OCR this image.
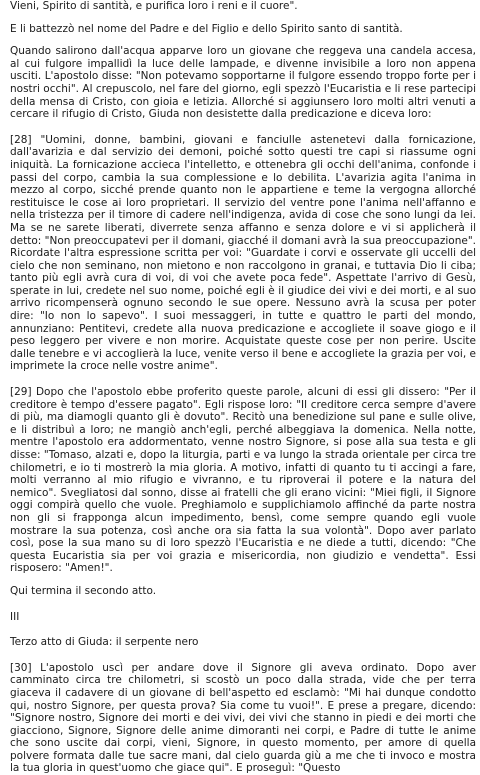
Vieni, Spirito di santità, e purifica loro i reni e il cuore".

E li battezzò nel nome del Padre e del Figlio e dello Spirito santo di santità.

Quando salirono dall'acqua apparve loro un giovane che reggeva una candela accesa, al cui fulgore impallidì la luce delle lampade, e divenne invisibile a loro non appena usciti. L'apostolo disse: "Non potevamo sopportarne il fulgore essendo troppo forte per i nostri occhi". Al crepuscolo, nel fare del giorno, egli spezzò l'Eucaristia e li rese partecipi della mensa di Cristo, con gioia e letizia. Allorché si aggiunsero loro molti altri venuti a cercare il rifugio di Cristo, Giuda non desistette dalla predicazione e diceva loro:

[28] "Uomini, donne, bambini, giovani e fanciulle astenetevi dalla fornicazione, dall'avarizia e dal servizio dei demoni, poiché sotto questi tre capi si riassume ogni iniquità. La fornicazione accieca l'intelletto, e ottenebra gli occhi dell'anima, confonde i passi del corpo, cambia la sua complessione e lo debilita. L'avarizia agita l'anima in mezzo al corpo, sicché prende quanto non le appartiene e teme la vergogna allorché restituisce le cose ai loro proprietari. Il servizio del ventre pone l'anima nell'affanno e nella tristezza per il timore di cadere nell'indigenza, avida di cose che sono lungi da lei. Ma se ne sarete liberati, diverrete senza affanno e senza dolore e vi si applicherà il detto: "Non preoccupatevi per il domani, giacché il domani avrà la sua preoccupazione". Ricordate l'altra espressione scritta per voi: "Guardate i corvi e osservate gli uccelli del cielo che non seminano, non mietono e non raccolgono in granai, e tuttavia Dio li ciba; tanto più egli avrà cura di voi, di voi che avete poca fede". Aspettate l'arrivo di Gesù, sperate in lui, credete nel suo nome, poiché egli è il giudice dei vivi e dei morti, e al suo arrivo ricompenserà ognuno secondo le sue opere. Nessuno avrà la scusa per poter dire: "Io non lo sapevo". I suoi messaggeri, in tutte e quattro le parti del mondo, annunziano: Pentitevi, credete alla nuova predicazione e accogliete il soave giogo e il peso leggero per vivere e non morire. Acquistate queste cose per non perire. Uscite dalle tenebre e vi accoglierà la luce, venite verso il bene e accogliete la grazia per voi, e imprimete la croce nelle vostre anime".

[29] Dopo che l'apostolo ebbe proferito queste parole, alcuni di essi gli dissero: "Per il creditore è tempo d'essere pagato". Egli rispose loro: "Il creditore cerca sempre d'avere di più, ma diamogli quanto gli è dovuto". Recitò una benedizione sul pane e sulle olive, e li distribuì a loro; ne mangiò anch'egli, perché albeggiava la domenica. Nella notte, mentre l'apostolo era addormentato, venne nostro Signore, si pose alla sua testa e gli disse: "Tomaso, alzati e, dopo la liturgia, parti e va lungo la strada orientale per circa tre chilometri, e io ti mostrerò la mia gloria. A motivo, infatti di quanto tu ti accingi a fare, molti verranno al mio rifugio e vivranno, e tu riproverai il potere e la natura del nemico". Svegliatosi dal sonno, disse ai fratelli che gli erano vicini: "Miei figli, il Signore oggi compirà quello che vuole. Preghiamolo e supplichiamolo affinché da parte nostra non gli si frapponga alcun impedimento, bensì, come sempre quando egli vuole mostrare la sua potenza, così anche ora sia fatta la sua volontà". Dopo aver parlato così, pose la sua mano su di loro spezzò l'Eucaristia e ne diede a tutti, dicendo: "Che questa Eucaristia sia per voi grazia e misericordia, non giudizio e vendetta". Essi risposero: "Amen!".

Qui termina il secondo atto.

III

Terzo atto di Giuda: il serpente nero

[30] L'apostolo uscì per andare dove il Signore gli aveva ordinato. Dopo aver camminato circa tre chilometri, si scostò un poco dalla strada, vide che per terra giaceva il cadavere di un giovane di bell'aspetto ed esclamò: "Mi hai dunque condotto qui, nostro Signore, per questa prova? Sia come tu vuoi!". E prese a pregare, dicendo: "Signore nostro, Signore dei morti e dei vivi, dei vivi che stanno in piedi e dei morti che giacciono, Signore, Signore delle anime dimoranti nei corpi, e Padre di tutte le anime che sono uscite dai corpi, vieni, Signore, in questo momento, per amore di quella polvere formata dalle tue sacre mani, dal cielo guarda giù a me che ti invoco e mostra la tua gloria in quest'uomo che giace qui". E proseguì: "Questo
